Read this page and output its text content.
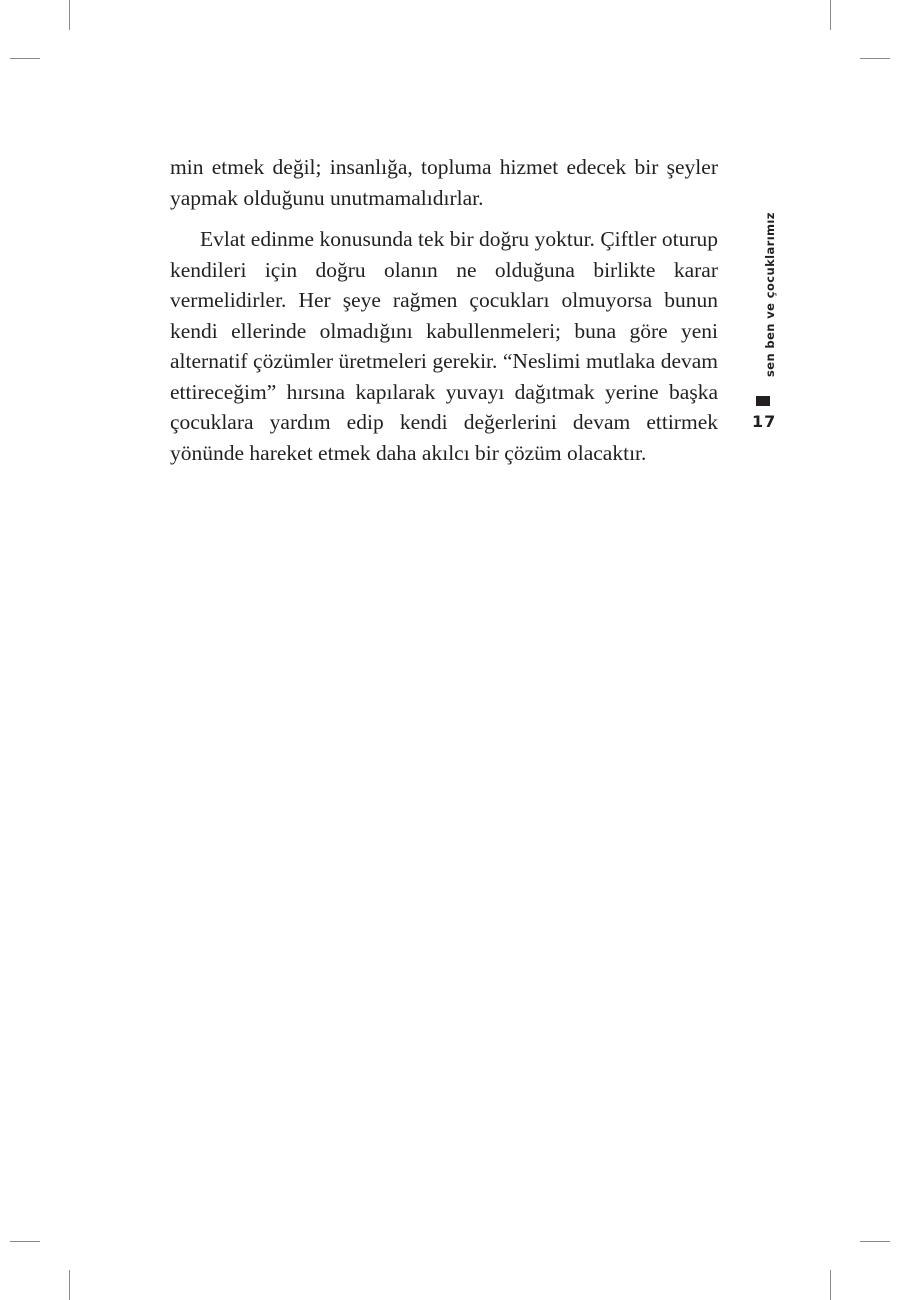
min etmek değil; insanlığa, topluma hizmet edecek bir şeyler yapmak olduğunu unutmamalıdırlar.

Evlat edinme konusunda tek bir doğru yoktur. Çiftler oturup kendileri için doğru olanın ne olduğuna birlikte karar vermelidirler. Her şeye rağmen çocukları olmuyorsa bunun kendi ellerinde olmadığını kabullenmeleri; buna göre yeni alternatif çözümler üretmeleri gerekir. “Neslimi mutlaka devam ettireceğim” hırsına kapılarak yuvayı dağıtmak yerine başka çocuklara yardım edip kendi değerlerini devam ettirmek yönünde hareket etmek daha akılcı bir çözüm olacaktır.

sen ben ve çocuklarımız
17
